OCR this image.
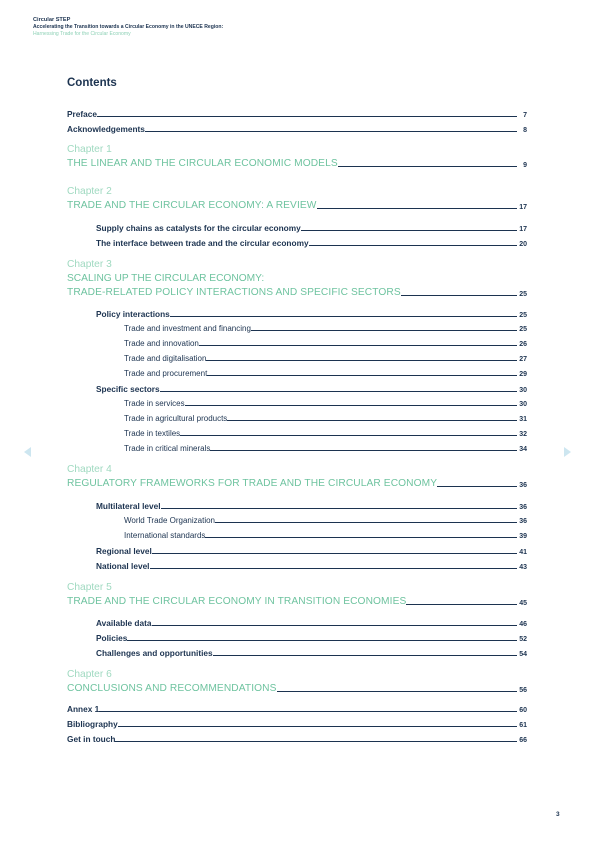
Circular STEP
Accelerating the Transition towards a Circular Economy in the UNECE Region:
Harnessing Trade for the Circular Economy
Contents
Preface	7
Acknowledgements	8
Chapter 1
THE LINEAR AND THE CIRCULAR ECONOMIC MODELS	9
Chapter 2
TRADE AND THE CIRCULAR ECONOMY: A REVIEW	17
Supply chains as catalysts for the circular economy	17
The interface between trade and the circular economy	20
Chapter 3
SCALING UP THE CIRCULAR ECONOMY:
TRADE-RELATED POLICY INTERACTIONS AND SPECIFIC SECTORS	25
Policy interactions	25
Trade and investment and financing	25
Trade and innovation	26
Trade and digitalisation	27
Trade and procurement	29
Specific sectors	30
Trade in services	30
Trade in agricultural products	31
Trade in textiles	32
Trade in critical minerals	34
Chapter 4
REGULATORY FRAMEWORKS FOR TRADE AND THE CIRCULAR ECONOMY	36
Multilateral level	36
World Trade Organization	36
International standards	39
Regional level	41
National level	43
Chapter 5
TRADE AND THE CIRCULAR ECONOMY IN TRANSITION ECONOMIES	45
Available data	46
Policies	52
Challenges and opportunities	54
Chapter 6
CONCLUSIONS AND RECOMMENDATIONS	56
Annex 1	60
Bibliography	61
Get in touch	66
3
